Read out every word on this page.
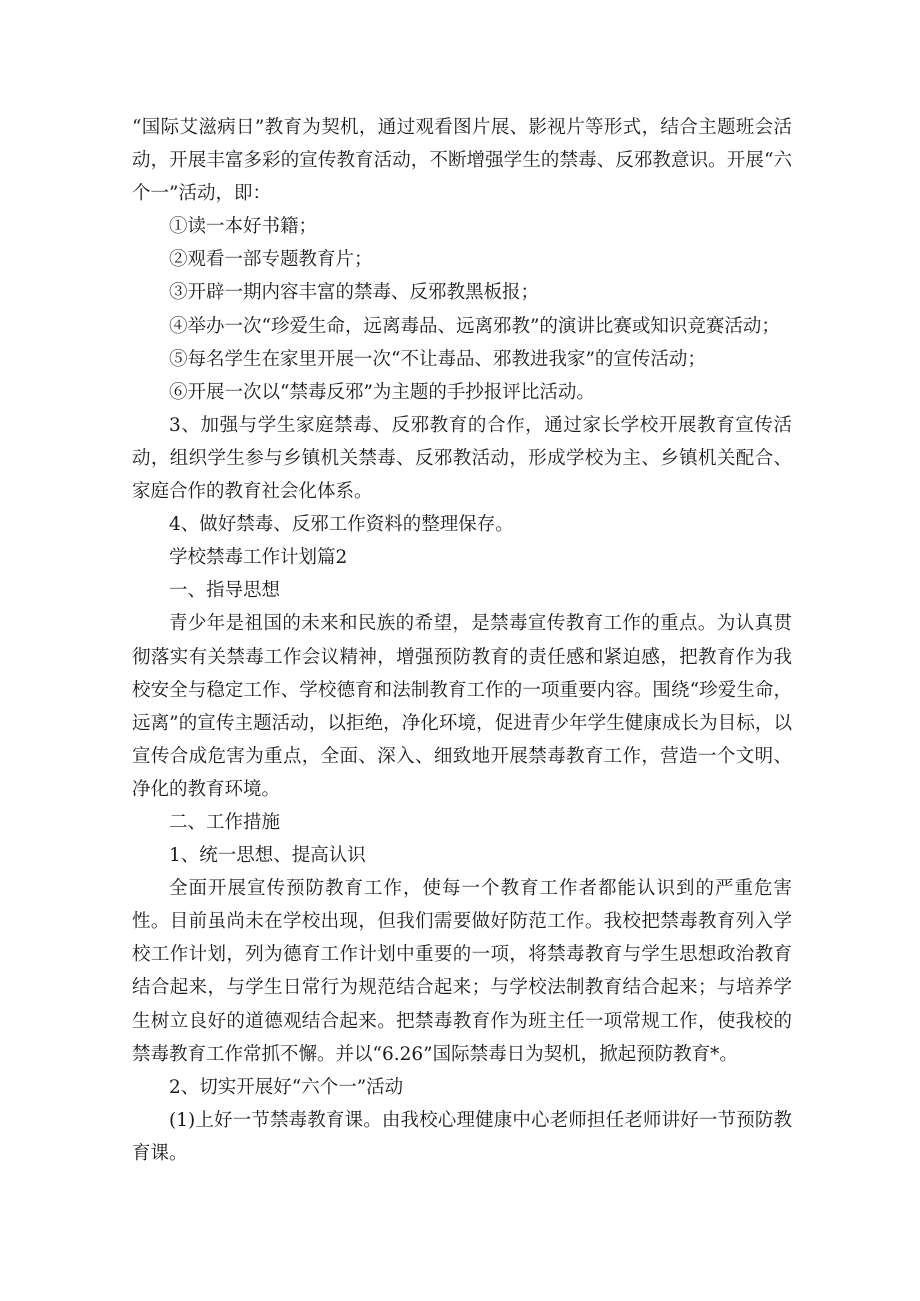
“国际艾滋病日”教育为契机，通过观看图片展、影视片等形式，结合主题班会活动，开展丰富多彩的宣传教育活动，不断增强学生的禁毒、反邪教意识。开展“六个一”活动，即：

①读一本好书籍；

②观看一部专题教育片；

③开辟一期内容丰富的禁毒、反邪教黑板报；

④举办一次“珍爱生命，远离毒品、远离邪教”的演讲比赛或知识竞赛活动；

⑤每名学生在家里开展一次“不让毒品、邪教进我家”的宣传活动；

⑥开展一次以“禁毒反邪”为主题的手抄报评比活动。

3、加强与学生家庭禁毒、反邪教育的合作，通过家长学校开展教育宣传活动，组织学生参与乡镇机关禁毒、反邪教活动，形成学校为主、乡镇机关配合、家庭合作的教育社会化体系。

4、做好禁毒、反邪工作资料的整理保存。

学校禁毒工作计划篇2

一、指导思想

青少年是祖国的未来和民族的希望，是禁毒宣传教育工作的重点。为认真贯彻落实有关禁毒工作会议精神，增强预防教育的责任感和紧迫感，把教育作为我校安全与稳定工作、学校德育和法制教育工作的一项重要内容。围绕“珍爱生命，远离”的宣传主题活动，以拒绝，净化环境，促进青少年学生健康成长为目标，以宣传合成危害为重点，全面、深入、细致地开展禁毒教育工作，营造一个文明、净化的教育环境。

二、工作措施

1、统一思想、提高认识

全面开展宣传预防教育工作，使每一个教育工作者都能认识到的严重危害性。目前虽尚未在学校出现，但我们需要做好防范工作。我校把禁毒教育列入学校工作计划，列为德育工作计划中重要的一项，将禁毒教育与学生思想政治教育结合起来，与学生日常行为规范结合起来；与学校法制教育结合起来；与培养学生树立良好的道德观结合起来。把禁毒教育作为班主任一项常规工作，使我校的禁毒教育工作常抓不懈。并以“6.26”国际禁毒日为契机，掀起预防教育*。

2、切实开展好“六个一”活动

(1)上好一节禁毒教育课。由我校心理健康中心老师担任老师讲好一节预防教育课。
